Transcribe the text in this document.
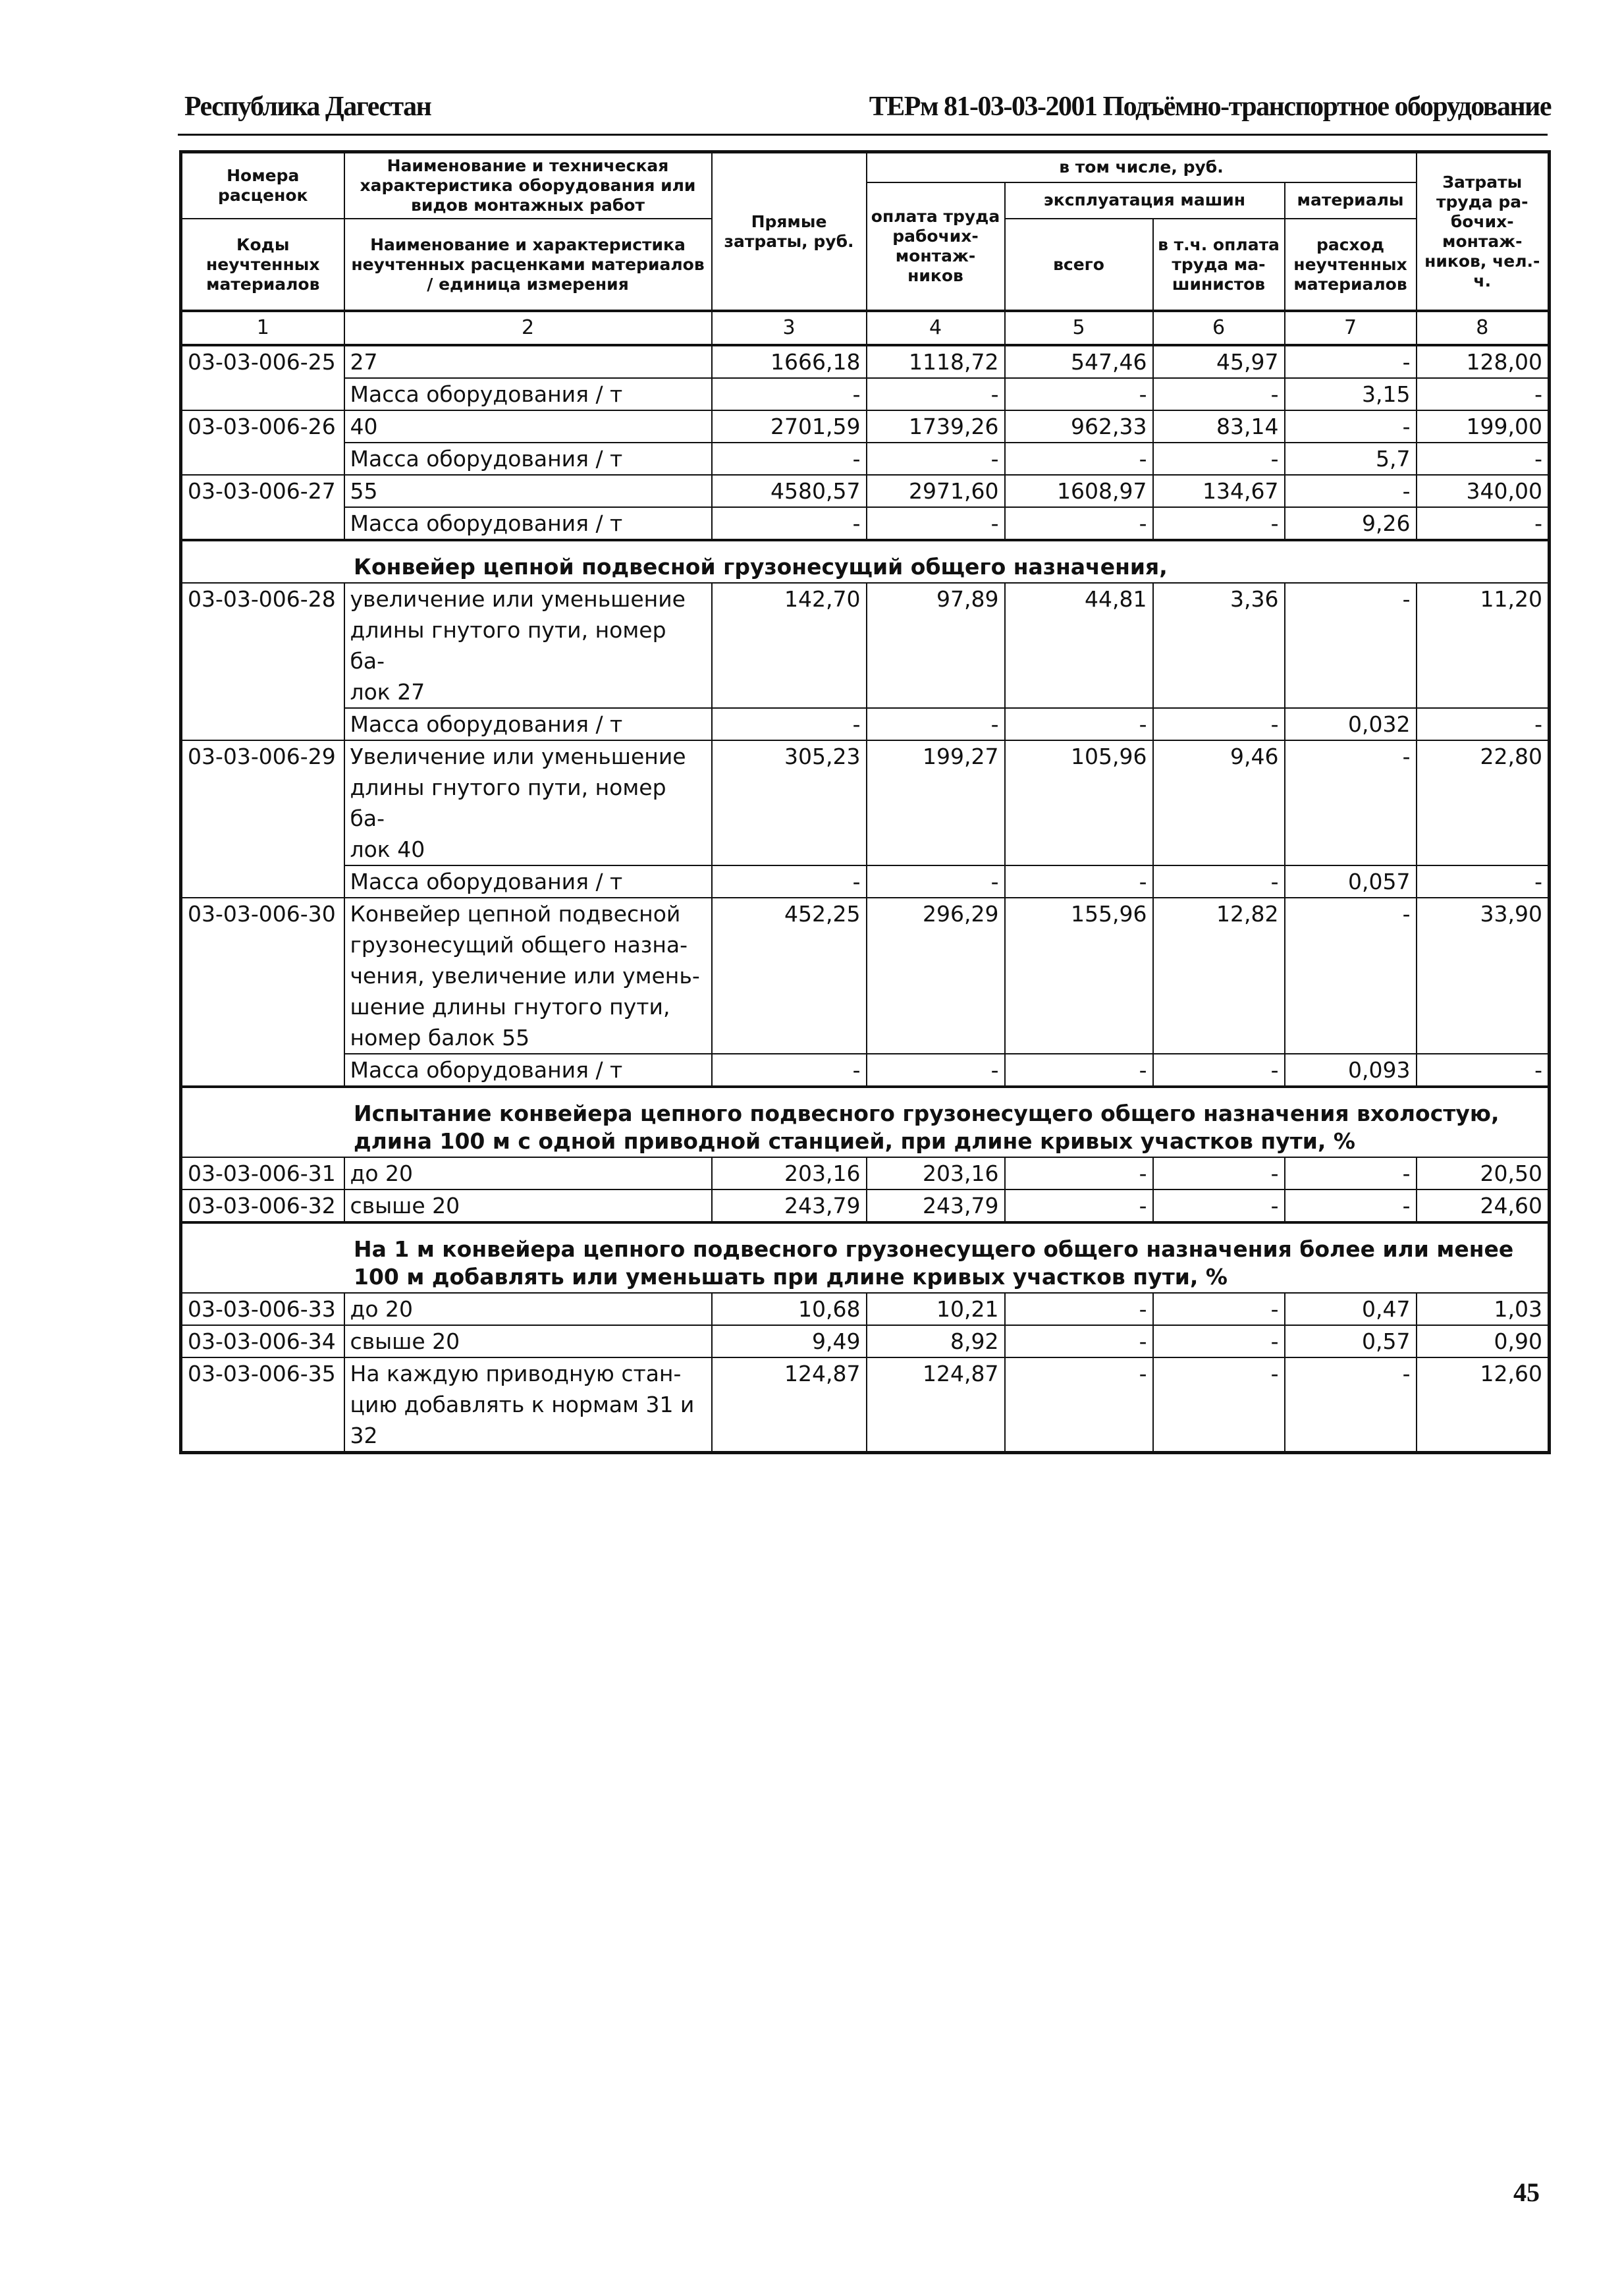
Республика Дагестан	ТЕРм 81-03-03-2001 Подъёмно-транспортное оборудование
Номера расценок	Наименование и техническая характеристика оборудования или видов монтажных работ	Прямые затраты, руб.	в том числе, руб.				Затраты труда ра-бочих-монтаж-ников, чел.-ч.
			оплата труда рабочих-монтаж-ников	эксплуатация машин		материалы	
Коды неучтенных материалов	Наименование и характеристика неучтенных расценками материалов / единица измерения			всего	в т.ч. оплата труда ма-шинистов	расход неучтенных материалов	

1	2	3	4	5	6	7	8
03-03-006-25	27	1666,18	1118,72	547,46	45,97	-	128,00
	Масса оборудования / т	-	-	-	-	3,15	-
03-03-006-26	40	2701,59	1739,26	962,33	83,14	-	199,00
	Масса оборудования / т	-	-	-	-	5,7	-
03-03-006-27	55	4580,57	2971,60	1608,97	134,67	-	340,00
	Масса оборудования / т	-	-	-	-	9,26	-
Конвейер цепной подвесной грузонесущий общего назначения,							
03-03-006-28	увеличение или уменьшение
длины гнутого пути, номер ба-
лок 27	142,70	97,89	44,81	3,36	-	11,20
	Масса оборудования / т	-	-	-	-	0,032	-
03-03-006-29	Увеличение или уменьшение
длины гнутого пути, номер ба-
лок 40	305,23	199,27	105,96	9,46	-	22,80
	Масса оборудования / т	-	-	-	-	0,057	-
03-03-006-30	Конвейер цепной подвесной
грузонесущий общего назна-
чения, увеличение или умень-
шение длины гнутого пути,
номер балок 55	452,25	296,29	155,96	12,82	-	33,90
	Масса оборудования / т	-	-	-	-	0,093	-
Испытание конвейера цепного подвесного грузонесущего общего назначения вхолостую,
длина 100 м с одной приводной станцией, при длине кривых участков пути, %							
03-03-006-31	до 20	203,16	203,16	-	-	-	20,50
03-03-006-32	свыше 20	243,79	243,79	-	-	-	24,60
На 1 м конвейера цепного подвесного грузонесущего общего назначения более или менее
100 м добавлять или уменьшать при длине кривых участков пути, %							
03-03-006-33	до 20	10,68	10,21	-	-	0,47	1,03
03-03-006-34	свыше 20	9,49	8,92	-	-	0,57	0,90
03-03-006-35	На каждую приводную стан-
цию добавлять к нормам 31 и
32	124,87	124,87	-	-	-	12,60
45
